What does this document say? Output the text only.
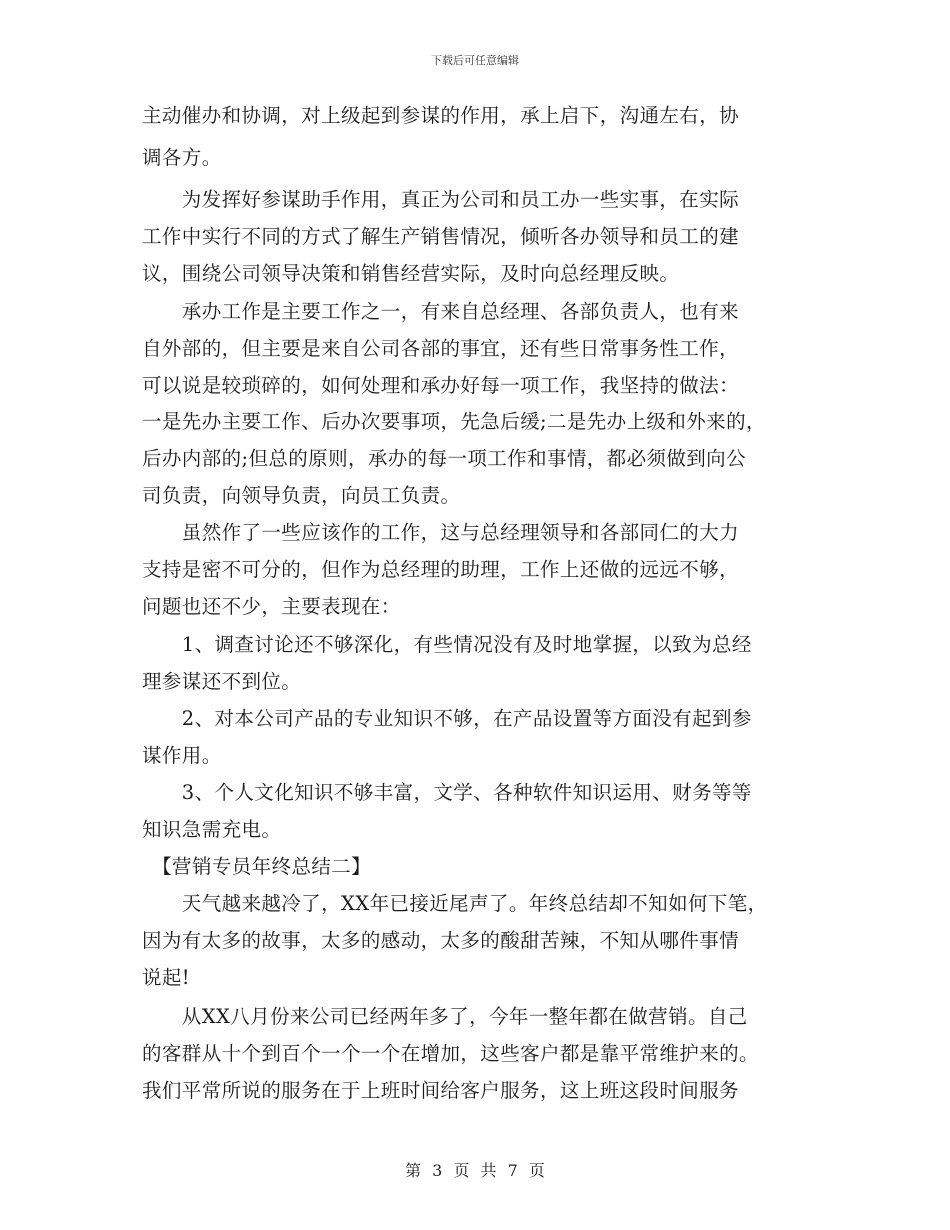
下载后可任意编辑
主动催办和协调，对上级起到参谋的作用，承上启下，沟通左右，协
调各方。
　　为发挥好参谋助手作用，真正为公司和员工办一些实事，在实际
工作中实行不同的方式了解生产销售情况，倾听各办领导和员工的建
议，围绕公司领导决策和销售经营实际，及时向总经理反映。
　　承办工作是主要工作之一，有来自总经理、各部负责人，也有来
自外部的，但主要是来自公司各部的事宜，还有些日常事务性工作，
可以说是较琐碎的，如何处理和承办好每一项工作，我坚持的做法：
一是先办主要工作、后办次要事项，先急后缓;二是先办上级和外来的，
后办内部的;但总的原则，承办的每一项工作和事情，都必须做到向公
司负责，向领导负责，向员工负责。
　　虽然作了一些应该作的工作，这与总经理领导和各部同仁的大力
支持是密不可分的，但作为总经理的助理，工作上还做的远远不够，
问题也还不少，主要表现在：
　　1、调查讨论还不够深化，有些情况没有及时地掌握，以致为总经
理参谋还不到位。
　　2、对本公司产品的专业知识不够，在产品设置等方面没有起到参
谋作用。
　　3、个人文化知识不够丰富，文学、各种软件知识运用、财务等等
知识急需充电。
　【营销专员年终总结二】
　　天气越来越冷了，XX年已接近尾声了。年终总结却不知如何下笔，
因为有太多的故事，太多的感动，太多的酸甜苦辣，不知从哪件事情
说起!
　　从XX八月份来公司已经两年多了，今年一整年都在做营销。自己
的客群从十个到百个一个一个在增加，这些客户都是靠平常维护来的。
我们平常所说的服务在于上班时间给客户服务，这上班这段时间服务
第 3 页 共 7 页
